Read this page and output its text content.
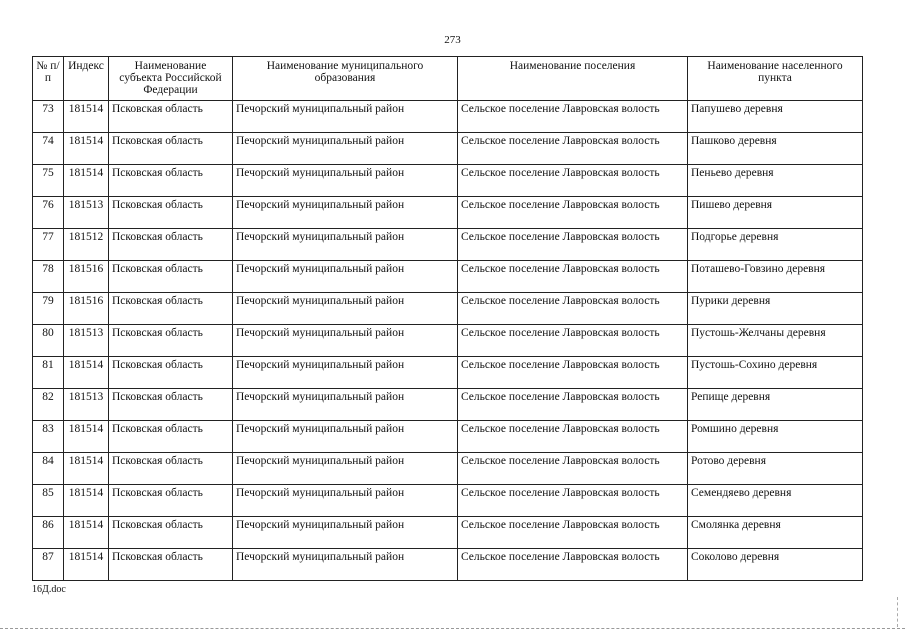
273
№ п/п	Индекс	Наименование субъекта Российской Федерации	Наименование муниципального образования	Наименование поселения	Наименование населенного пункта
73	181514	Псковская область	Печорский муниципальный район	Сельское поселение Лавровская волость	Папушево деревня
74	181514	Псковская область	Печорский муниципальный район	Сельское поселение Лавровская волость	Пашково деревня
75	181514	Псковская область	Печорский муниципальный район	Сельское поселение Лавровская волость	Пеньево деревня
76	181513	Псковская область	Печорский муниципальный район	Сельское поселение Лавровская волость	Пишево деревня
77	181512	Псковская область	Печорский муниципальный район	Сельское поселение Лавровская волость	Подгорье деревня
78	181516	Псковская область	Печорский муниципальный район	Сельское поселение Лавровская волость	Поташево-Говзино деревня
79	181516	Псковская область	Печорский муниципальный район	Сельское поселение Лавровская волость	Пурики деревня
80	181513	Псковская область	Печорский муниципальный район	Сельское поселение Лавровская волость	Пустошь-Желчаны деревня
81	181514	Псковская область	Печорский муниципальный район	Сельское поселение Лавровская волость	Пустошь-Сохино деревня
82	181513	Псковская область	Печорский муниципальный район	Сельское поселение Лавровская волость	Репище деревня
83	181514	Псковская область	Печорский муниципальный район	Сельское поселение Лавровская волость	Ромшино деревня
84	181514	Псковская область	Печорский муниципальный район	Сельское поселение Лавровская волость	Ротово деревня
85	181514	Псковская область	Печорский муниципальный район	Сельское поселение Лавровская волость	Семендяево деревня
86	181514	Псковская область	Печорский муниципальный район	Сельское поселение Лавровская волость	Смолянка деревня
87	181514	Псковская область	Печорский муниципальный район	Сельское поселение Лавровская волость	Соколово деревня
16Д.doc
